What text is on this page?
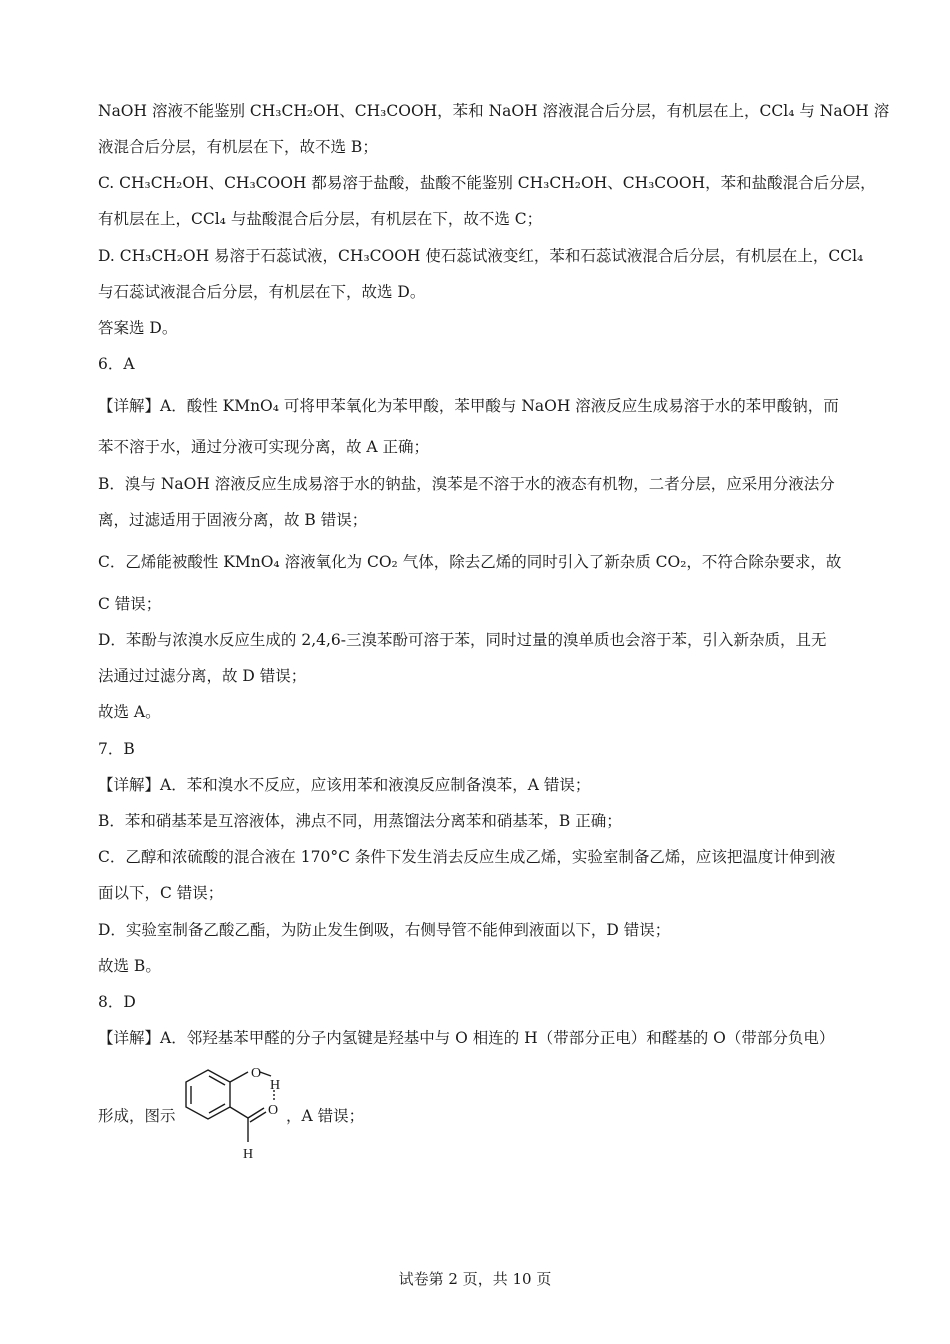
NaOH 溶液不能鉴别 CH₃CH₂OH、CH₃COOH，苯和 NaOH 溶液混合后分层，有机层在上，CCl₄ 与 NaOH 溶
液混合后分层，有机层在下，故不选 B；
C. CH₃CH₂OH、CH₃COOH 都易溶于盐酸，盐酸不能鉴别 CH₃CH₂OH、CH₃COOH，苯和盐酸混合后分层，
有机层在上，CCl₄ 与盐酸混合后分层，有机层在下，故不选 C；
D. CH₃CH₂OH 易溶于石蕊试液，CH₃COOH 使石蕊试液变红，苯和石蕊试液混合后分层，有机层在上，CCl₄
与石蕊试液混合后分层，有机层在下，故选 D。
答案选 D。
6．A
【详解】A．酸性 KMnO₄ 可将甲苯氧化为苯甲酸，苯甲酸与 NaOH 溶液反应生成易溶于水的苯甲酸钠，而
苯不溶于水，通过分液可实现分离，故 A 正确；
B．溴与 NaOH 溶液反应生成易溶于水的钠盐，溴苯是不溶于水的液态有机物，二者分层，应采用分液法分
离，过滤适用于固液分离，故 B 错误；
C．乙烯能被酸性 KMnO₄ 溶液氧化为 CO₂ 气体，除去乙烯的同时引入了新杂质 CO₂，不符合除杂要求，故
C 错误；
D．苯酚与浓溴水反应生成的 2,4,6-三溴苯酚可溶于苯，同时过量的溴单质也会溶于苯，引入新杂质，且无
法通过过滤分离，故 D 错误；
故选 A。
7．B
【详解】A．苯和溴水不反应，应该用苯和液溴反应制备溴苯，A 错误；
B．苯和硝基苯是互溶液体，沸点不同，用蒸馏法分离苯和硝基苯，B 正确；
C．乙醇和浓硫酸的混合液在 170°C 条件下发生消去反应生成乙烯，实验室制备乙烯，应该把温度计伸到液
面以下，C 错误；
D．实验室制备乙酸乙酯，为防止发生倒吸，右侧导管不能伸到液面以下，D 错误；
故选 B。
8．D
【详解】A．邻羟基苯甲醛的分子内氢键是羟基中与 O 相连的 H（带部分正电）和醛基的 O（带部分负电）
形成，图示
O
H
O
H
，A 错误；
试卷第 2 页，共 10 页
